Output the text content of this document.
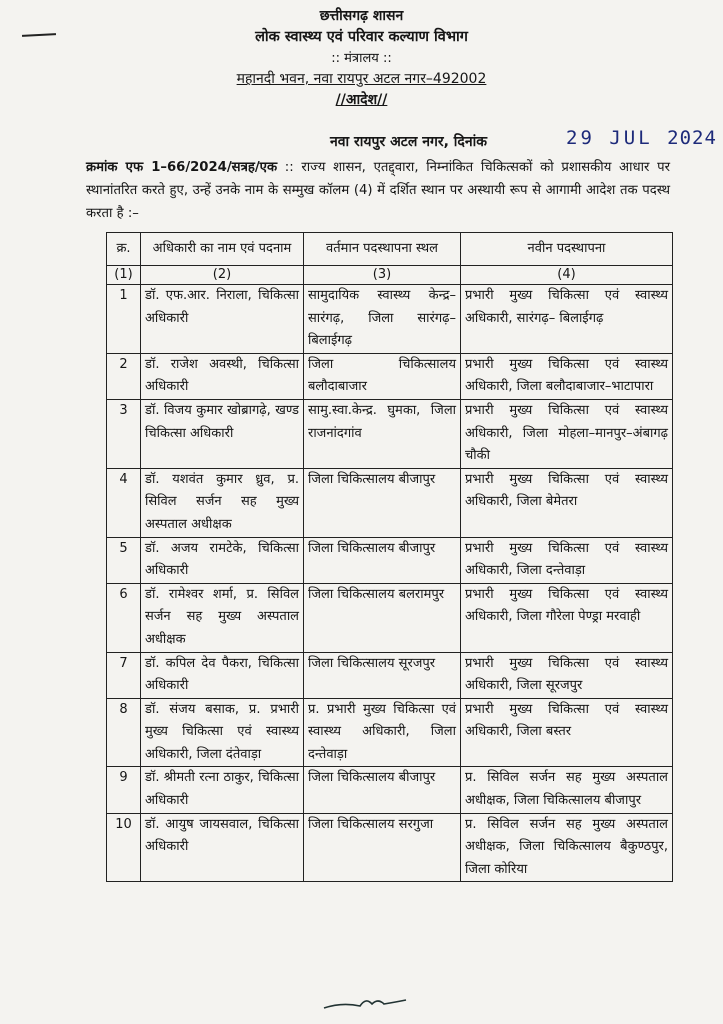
छत्तीसगढ़ शासन
लोक स्वास्थ्य एवं परिवार कल्याण विभाग
:: मंत्रालय ::
महानदी भवन, नवा रायपुर अटल नगर–492002
//आदेश//
नवा रायपुर अटल नगर, दिनांक	29 JUL 2024
क्रमांक एफ 1–66/2024/सत्रह/एक :: राज्य शासन, एतद्द्वारा, निम्नांकित चिकित्सकों को प्रशासकीय आधार पर स्थानांतरित करते हुए, उन्हें उनके नाम के सम्मुख कॉलम (4) में दर्शित स्थान पर अस्थायी रूप से आगामी आदेश तक पदस्थ करता है :–
क्र.	अधिकारी का नाम एवं पदनाम	वर्तमान पदस्थापना स्थल	नवीन पदस्थापना
(1)	(2)	(3)	(4)
1	डॉ. एफ.आर. निराला, चिकित्सा अधिकारी	सामुदायिक स्वास्थ्य केन्द्र–सारंगढ़, जिला सारंगढ़– बिलाईगढ़	प्रभारी मुख्य चिकित्सा एवं स्वास्थ्य अधिकारी, सारंगढ़– बिलाईगढ़
2	डॉ. राजेश अवस्थी, चिकित्सा अधिकारी	जिला चिकित्सालय बलौदाबाजार	प्रभारी मुख्य चिकित्सा एवं स्वास्थ्य अधिकारी, जिला बलौदाबाजार–भाटापारा
3	डॉ. विजय कुमार खोब्रागढ़े, खण्ड चिकित्सा अधिकारी	सामु.स्वा.केन्द्र. घुमका, जिला राजनांदगांव	प्रभारी मुख्य चिकित्सा एवं स्वास्थ्य अधिकारी, जिला मोहला–मानपुर–अंबागढ़ चौकी
4	डॉ. यशवंत कुमार ध्रुव, प्र. सिविल सर्जन सह मुख्य अस्पताल अधीक्षक	जिला चिकित्सालय बीजापुर	प्रभारी मुख्य चिकित्सा एवं स्वास्थ्य अधिकारी, जिला बेमेतरा
5	डॉ. अजय रामटेके, चिकित्सा अधिकारी	जिला चिकित्सालय बीजापुर	प्रभारी मुख्य चिकित्सा एवं स्वास्थ्य अधिकारी, जिला दन्तेवाड़ा
6	डॉ. रामेश्वर शर्मा, प्र. सिविल सर्जन सह मुख्य अस्पताल अधीक्षक	जिला चिकित्सालय बलरामपुर	प्रभारी मुख्य चिकित्सा एवं स्वास्थ्य अधिकारी, जिला गौरेला पेण्ड्रा मरवाही
7	डॉ. कपिल देव पैकरा, चिकित्सा अधिकारी	जिला चिकित्सालय सूरजपुर	प्रभारी मुख्य चिकित्सा एवं स्वास्थ्य अधिकारी, जिला सूरजपुर
8	डॉ. संजय बसाक, प्र. प्रभारी मुख्य चिकित्सा एवं स्वास्थ्य अधिकारी, जिला दंतेवाड़ा	प्र. प्रभारी मुख्य चिकित्सा एवं स्वास्थ्य अधिकारी, जिला दन्तेवाड़ा	प्रभारी मुख्य चिकित्सा एवं स्वास्थ्य अधिकारी, जिला बस्तर
9	डॉ. श्रीमती रत्ना ठाकुर, चिकित्सा अधिकारी	जिला चिकित्सालय बीजापुर	प्र. सिविल सर्जन सह मुख्य अस्पताल अधीक्षक, जिला चिकित्सालय बीजापुर
10	डॉ. आयुष जायसवाल, चिकित्सा अधिकारी	जिला चिकित्सालय सरगुजा	प्र. सिविल सर्जन सह मुख्य अस्पताल अधीक्षक, जिला चिकित्सालय बैकुण्ठपुर, जिला कोरिया
